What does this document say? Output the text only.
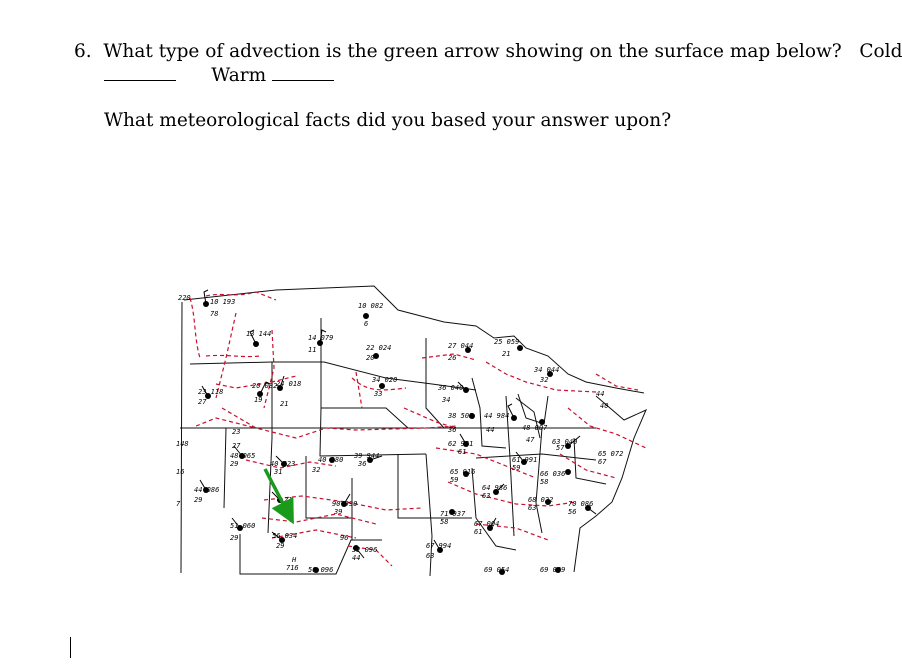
6. What type of advection is the green arrow showing on the surface map below? Cold
Warm
What meteorological facts did you based your answer upon?
220	10 193
78
13 144	14 079
11
10 082
6
22 024
20
27 044
26
25 059
21
34 044
32
23 118
27
20 082
19
24 018
21
34 020
33
36 040
34
44
40
38 505
36
44 984
44	48 007
47	63 040
57
148	27
23
48 065
29	40 023
31
40 980
32
39 944
36
62 931
61
61 991
59
65 072
67
16	65 016
59
66 036
58
44 086
29
7	21
64 986
63	68 022
63	70 086
56
90 990
39	71 937
58	67 004
61
51 060
29	56 034
29	52 096
44
67 994
63
H
716 50 096	69 054	69 089
96
